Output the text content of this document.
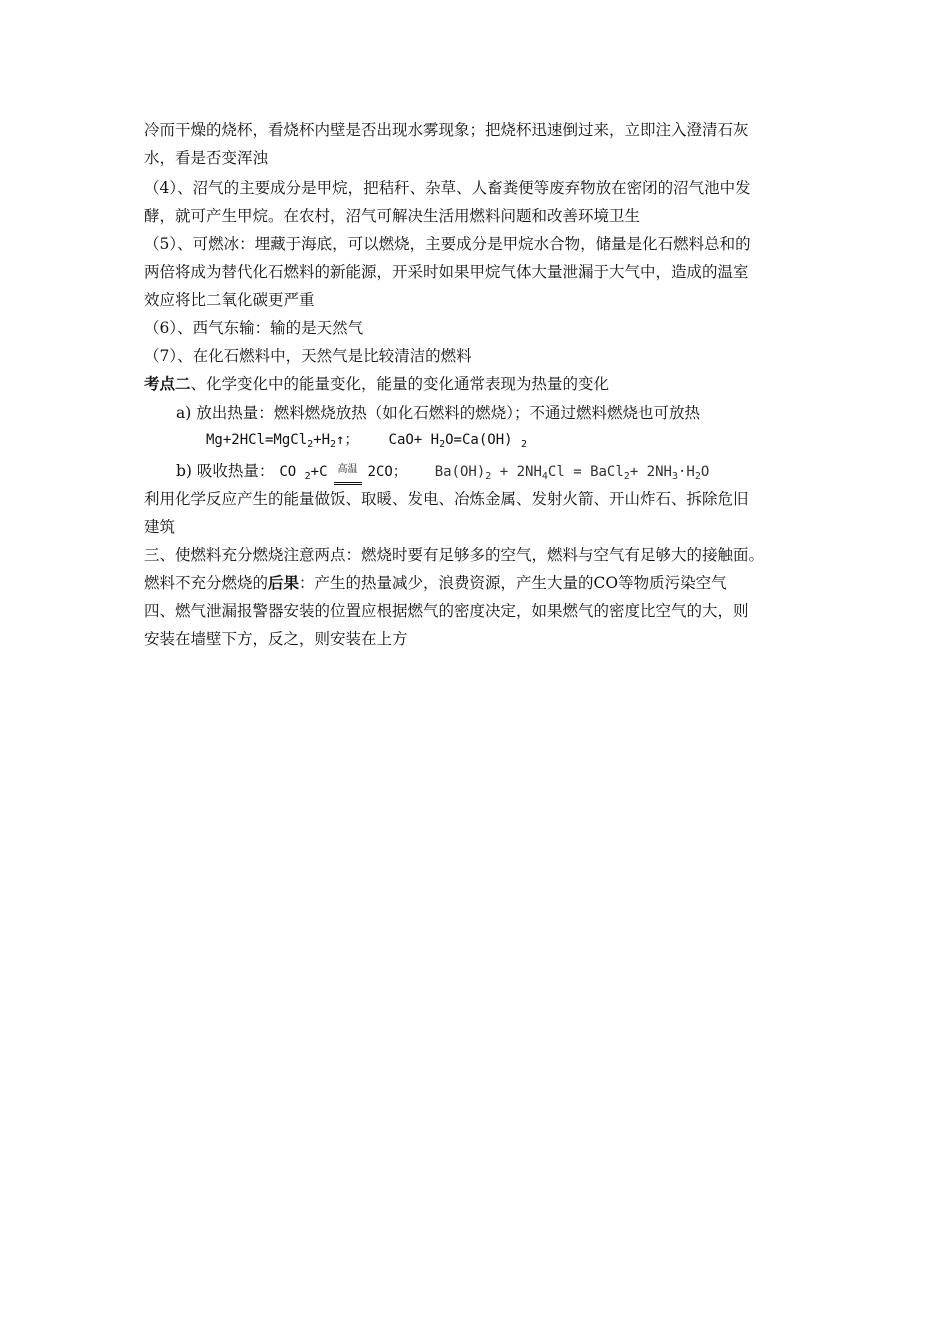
冷而干燥的烧杯，看烧杯内壁是否出现水雾现象；把烧杯迅速倒过来，立即注入澄清石灰
水，看是否变浑浊
（4）、沼气的主要成分是甲烷，把秸秆、杂草、人畜粪便等废弃物放在密闭的沼气池中发
酵，就可产生甲烷。在农村，沼气可解决生活用燃料问题和改善环境卫生
（5）、可燃冰：埋藏于海底，可以燃烧，主要成分是甲烷水合物，储量是化石燃料总和的
两倍将成为替代化石燃料的新能源，开采时如果甲烷气体大量泄漏于大气中，造成的温室
效应将比二氧化碳更严重
（6）、西气东输：输的是天然气
（7）、在化石燃料中，天然气是比较清洁的燃料
考点二、化学变化中的能量变化，能量的变化通常表现为热量的变化
a) 放出热量：燃料燃烧放热（如化石燃料的燃烧）；不通过燃料燃烧也可放热
$Mg+2HCl=MgCl_2+H_2↑$； $CaO+ H_2O=Ca(OH)$ $_2$
b) 吸收热量： CO $_2$+C 高温 2CO； $Ba(OH)_2 + 2NH_4Cl$ = BaCl$_2$+ $2NH_3\cdot H_2O$
利用化学反应产生的能量做饭、取暖、发电、冶炼金属、发射火箭、开山炸石、拆除危旧
建筑
三、使燃料充分燃烧注意两点：燃烧时要有足够多的空气，燃料与空气有足够大的接触面。
燃料不充分燃烧的后果：产生的热量减少，浪费资源，产生大量的CO等物质污染空气
四、燃气泄漏报警器安装的位置应根据燃气的密度决定，如果燃气的密度比空气的大，则
安装在墙壁下方，反之，则安装在上方
